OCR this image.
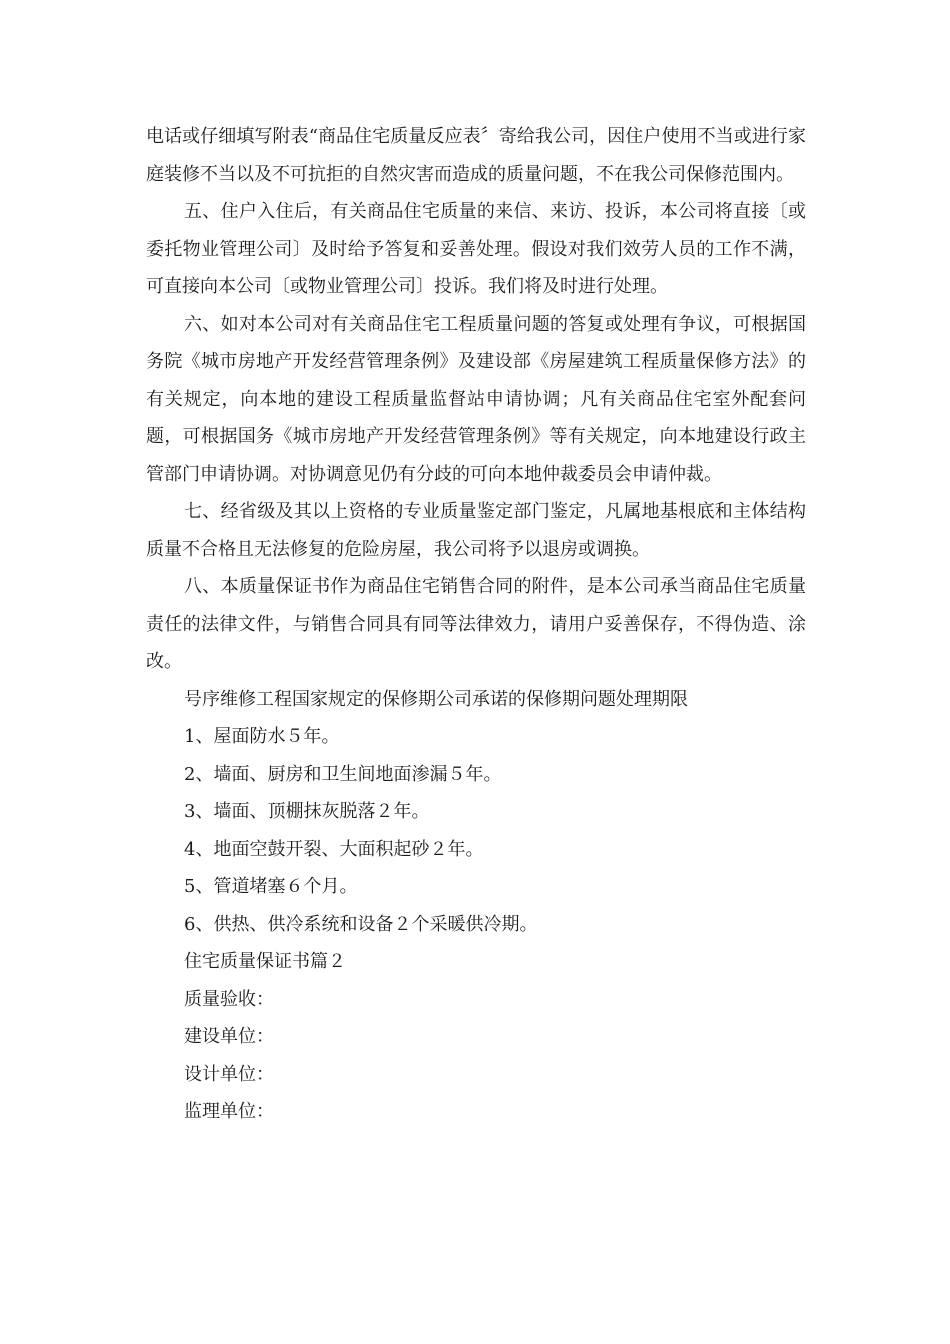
电话或仔细填写附表“商品住宅质量反应表〞寄给我公司，因住户使用不当或进行家庭装修不当以及不可抗拒的自然灾害而造成的质量问题，不在我公司保修范围内。

五、住户入住后，有关商品住宅质量的来信、来访、投诉，本公司将直接〔或委托物业管理公司〕及时给予答复和妥善处理。假设对我们效劳人员的工作不满，可直接向本公司〔或物业管理公司〕投诉。我们将及时进行处理。

六、如对本公司对有关商品住宅工程质量问题的答复或处理有争议，可根据国务院《城市房地产开发经营管理条例》及建设部《房屋建筑工程质量保修方法》的有关规定，向本地的建设工程质量监督站申请协调；凡有关商品住宅室外配套问题，可根据国务《城市房地产开发经营管理条例》等有关规定，向本地建设行政主管部门申请协调。对协调意见仍有分歧的可向本地仲裁委员会申请仲裁。

七、经省级及其以上资格的专业质量鉴定部门鉴定，凡属地基根底和主体结构质量不合格且无法修复的危险房屋，我公司将予以退房或调换。

八、本质量保证书作为商品住宅销售合同的附件，是本公司承当商品住宅质量责任的法律文件，与销售合同具有同等法律效力，请用户妥善保存，不得伪造、涂改。

号序维修工程国家规定的保修期公司承诺的保修期问题处理期限

1、屋面防水５年。

2、墙面、厨房和卫生间地面渗漏５年。

3、墙面、顶棚抹灰脱落２年。

4、地面空鼓开裂、大面积起砂２年。

5、管道堵塞６个月。

6、供热、供冷系统和设备２个采暖供冷期。

住宅质量保证书篇２

质量验收：

建设单位：

设计单位：

监理单位：
